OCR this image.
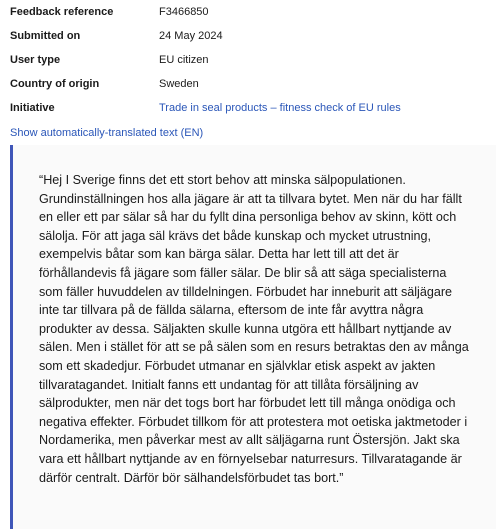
Feedback reference	F3466850
Submitted on	24 May 2024
User type	EU citizen
Country of origin	Sweden
Initiative	Trade in seal products – fitness check of EU rules
Show automatically-translated text (EN)

“Hej I Sverige finns det ett stort behov att minska sälpopulationen. Grundinställningen hos alla jägare är att ta tillvara bytet. Men när du har fällt en eller ett par sälar så har du fyllt dina personliga behov av skinn, kött och sälolja. För att jaga säl krävs det både kunskap och mycket utrustning, exempelvis båtar som kan bärga sälar. Detta har lett till att det är förhållandevis få jägare som fäller sälar. De blir så att säga specialisterna som fäller huvuddelen av tilldelningen. Förbudet har inneburit att säljägare inte tar tillvara på de fällda sälarna, eftersom de inte får avyttra några produkter av dessa. Säljakten skulle kunna utgöra ett hållbart nyttjande av sälen. Men i stället för att se på sälen som en resurs betraktas den av många som ett skadedjur. Förbudet utmanar en självklar etisk aspekt av jakten tillvaratagandet. Initialt fanns ett undantag för att tillåta försäljning av sälprodukter, men när det togs bort har förbudet lett till många onödiga och negativa effekter. Förbudet tillkom för att protestera mot oetiska jaktmetoder i Nordamerika, men påverkar mest av allt säljägarna runt Östersjön. Jakt ska vara ett hållbart nyttjande av en förnyelsebar naturresurs. Tillvaratagande är därför centralt. Därför bör sälhandelsförbudet tas bort.”
